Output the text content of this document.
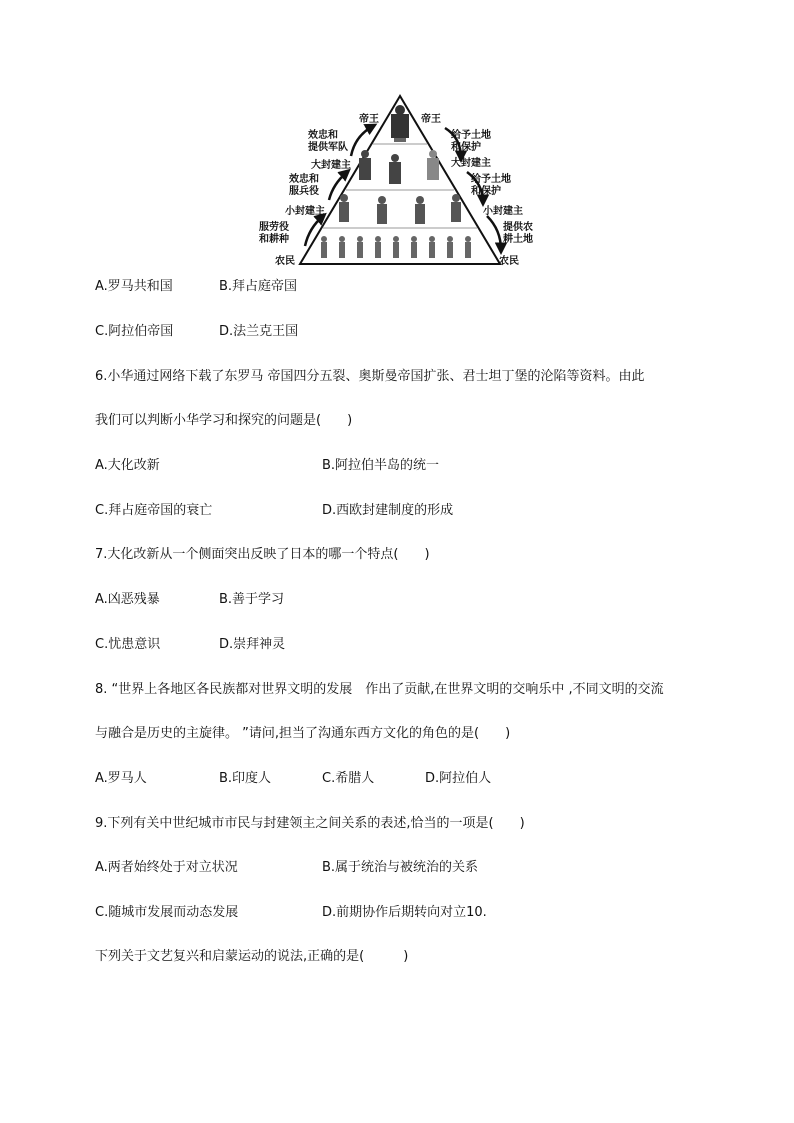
帝王	帝王
效忠和
提供军队
给予土地
和保护
大封建主	大封建主
效忠和
服兵役
给予土地
和保护
小封建主	小封建主
服劳役
和耕种
提供农
耕土地
农民	农民
A.罗马共和国	B.拜占庭帝国
C.阿拉伯帝国	D.法兰克王国
6.小华通过网络下载了东罗马 帝国四分五裂、奥斯曼帝国扩张、君士坦丁堡的沦陷等资料。由此
我们可以判断小华学习和探究的问题是(　　)
A.大化改新	B.阿拉伯半岛的统一
C.拜占庭帝国的衰亡	D.西欧封建制度的形成
7.大化改新从一个侧面突出反映了日本的哪一个特点(　　)
A.凶恶残暴	B.善于学习
C.忧患意识	D.崇拜神灵
8. “世界上各地区各民族都对世界文明的发展　作出了贡献,在世界文明的交响乐中 ,不同文明的交流
与融合是历史的主旋律。 ”请问,担当了沟通东西方文化的角色的是(　　)
A.罗马人	B.印度人	C.希腊人	D.阿拉伯人
9.下列有关中世纪城市市民与封建领主之间关系的表述,恰当的一项是(　　)
A.两者始终处于对立状况	B.属于统治与被统治的关系
C.随城市发展而动态发展	D.前期协作后期转向对立10.
下列关于文艺复兴和启蒙运动的说法,正确的是(　　　)
